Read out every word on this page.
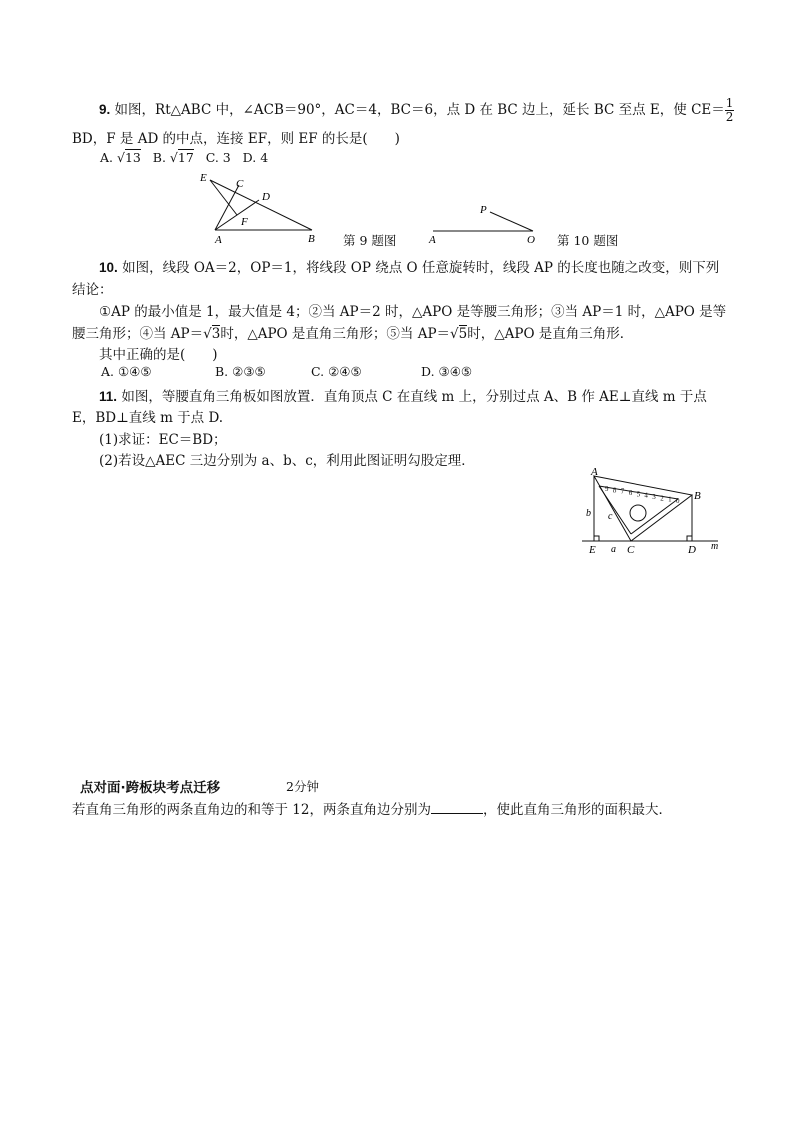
9. 如图，Rt△ABC 中，∠ACB＝90°，AC＝4，BC＝6，点 D 在 BC 边上，延长 BC 至点 E，使 $CE= \frac{1}{2}$
BD，F 是 AD 的中点，连接 EF，则 EF 的长是(　　)
A. √13 B. √17 C. 3 D. 4
E	C
D
F
A	B 第 9 题图
P
A	O 第 10 题图
10. 如图，线段 OA＝2，OP＝1，将线段 OP 绕点 O 任意旋转时，线段 AP 的长度也随之改变，则下列
结论：
①AP 的最小值是 1，最大值是 4；②当 AP＝2 时，△APO 是等腰三角形；③当 AP＝1 时，△APO 是等
腰三角形；④当 AP＝√3时，△APO 是直角三角形；⑤当 AP＝√5时，△APO 是直角三角形．
其中正确的是(　　)
A. ①④⑤	B. ②③⑤	C. ②④⑤	D. ③④⑤
11. 如图，等腰直角三角板如图放置．直角顶点 C 在直线 m 上，分别过点 A、B 作 AE⊥直线 m 于点
E，BD⊥直线 m 于点 D.
(1)求证：EC＝BD；
(2)若设△AEC 三边分别为 a、b、c，利用此图证明勾股定理．
9 8 7 6 5 4 3 2 1 0
A
B
E	C	D m
a
b c
点对面·跨板块考点迁移	2分钟
若直角三角形的两条直角边的和等于 12，两条直角边分别为	，使此直角三角形的面积最大．
